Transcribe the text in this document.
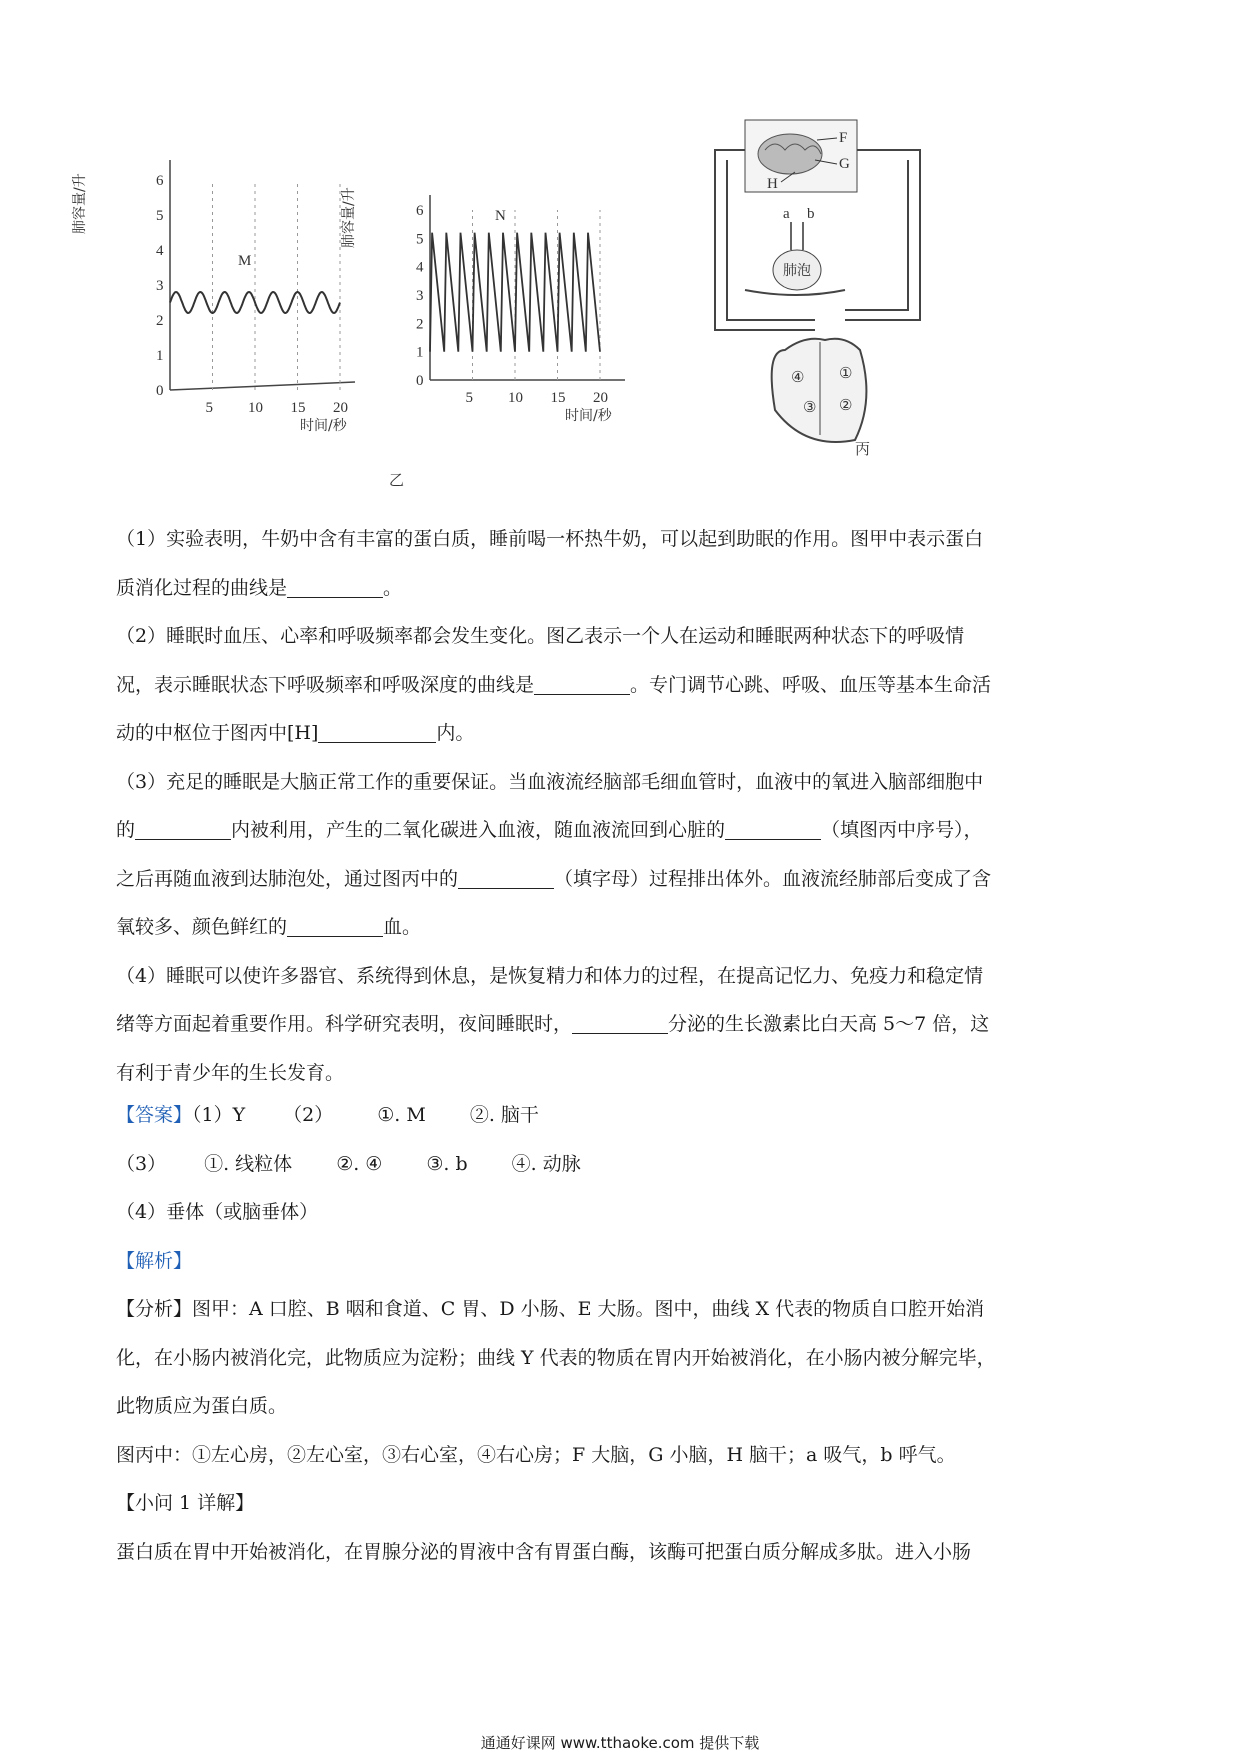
肺容量/升
时间/秒
M
0
1
2
3
4
5
6
5 10 15 20
肺容量/升
时间/秒
N
乙
0
1
2
3
4
5
6
5 10 15 20
F
G
H
a b
肺泡
④ ①
③ ②
丙

（1）实验表明，牛奶中含有丰富的蛋白质，睡前喝一杯热牛奶，可以起到助眠的作用。图甲中表示蛋白

质消化过程的曲线是	。

（2）睡眠时血压、心率和呼吸频率都会发生变化。图乙表示一个人在运动和睡眠两种状态下的呼吸情

况，表示睡眠状态下呼吸频率和呼吸深度的曲线是	。专门调节心跳、呼吸、血压等基本生命活

动的中枢位于图丙中[H]	内。

（3）充足的睡眠是大脑正常工作的重要保证。当血液流经脑部毛细血管时，血液中的氧进入脑部细胞中

的	内被利用，产生的二氧化碳进入血液，随血液流回到心脏的	（填图丙中序号），

之后再随血液到达肺泡处，通过图丙中的	（填字母）过程排出体外。血液流经肺部后变成了含

氧较多、颜色鲜红的	血。

（4）睡眠可以使许多器官、系统得到休息，是恢复精力和体力的过程，在提高记忆力、免疫力和稳定情

绪等方面起着重要作用。科学研究表明，夜间睡眠时，	分泌的生长激素比白天高 5～7 倍，这

有利于青少年的生长发育。

【答案】（1）Y （2） ①. M ②. 脑干

（3） ①. 线粒体 ②. ④ ③. b ④. 动脉

（4）垂体（或脑垂体）

【解析】

【分析】图甲：A 口腔、B 咽和食道、C 胃、D 小肠、E 大肠。图中，曲线 X 代表的物质自口腔开始消

化，在小肠内被消化完，此物质应为淀粉；曲线 Y 代表的物质在胃内开始被消化，在小肠内被分解完毕，

此物质应为蛋白质。

图丙中：①左心房，②左心室，③右心室，④右心房；F 大脑，G 小脑，H 脑干；a 吸气，b 呼气。

【小问 1 详解】

蛋白质在胃中开始被消化，在胃腺分泌的胃液中含有胃蛋白酶，该酶可把蛋白质分解成多肽。进入小肠

通通好课网 www.tthaoke.com 提供下载
